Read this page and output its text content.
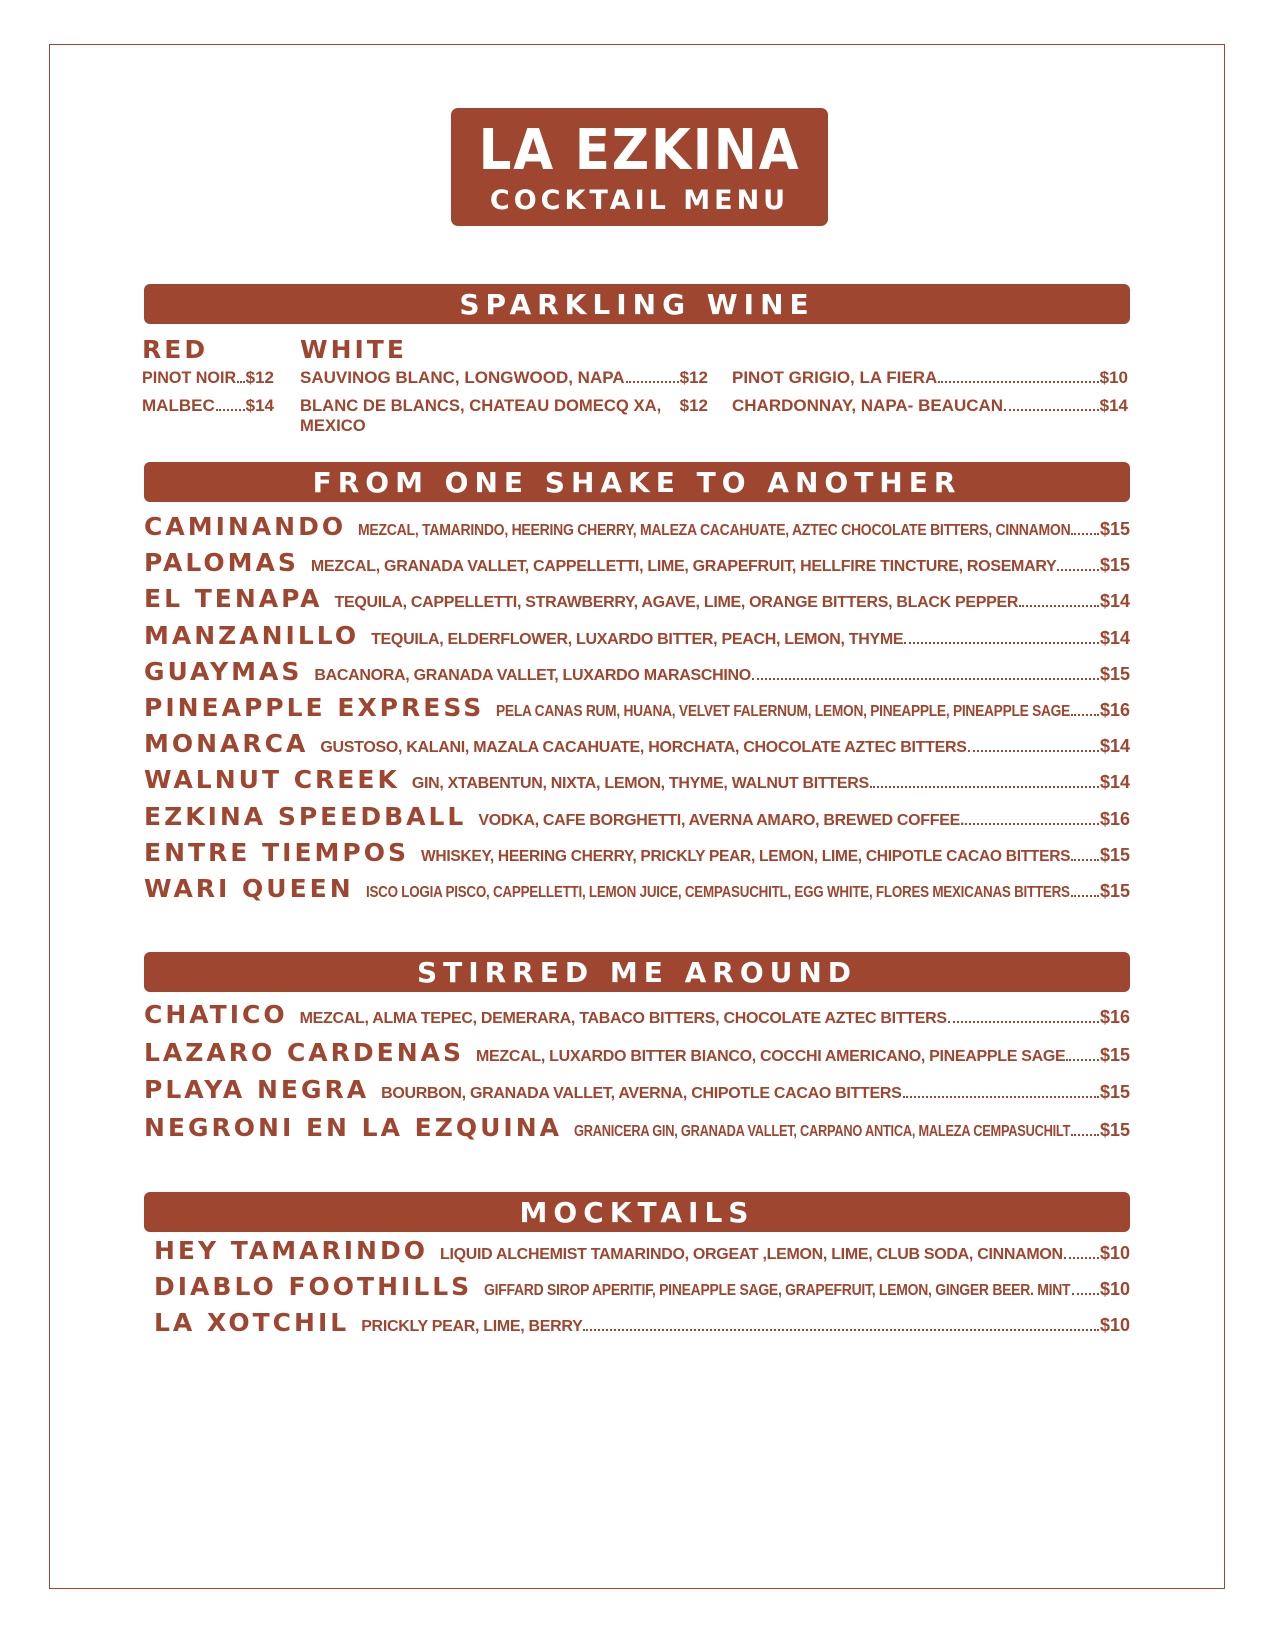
LA EZKINA
COCKTAIL MENU
SPARKLING WINE
RED	WHITE
PINOT NOIR $12
MALBEC $14
SAUVINOG BLANC, LONGWOOD, NAPA	$12
BLANC DE BLANCS, CHATEAU DOMECQ XA, MEXICO
$12
PINOT GRIGIO, LA FIERA	$10
CHARDONNAY, NAPA- BEAUCAN	$14
FROM ONE SHAKE TO ANOTHER
CAMINANDO MEZCAL, TAMARINDO, HEERING CHERRY, MALEZA CACAHUATE, AZTEC CHOCOLATE BITTERS, CINNAMON $15
PALOMAS MEZCAL, GRANADA VALLET, CAPPELLETTI, LIME, GRAPEFRUIT, HELLFIRE TINCTURE, ROSEMARY $15
EL TENAPA TEQUILA, CAPPELLETTI, STRAWBERRY, AGAVE, LIME, ORANGE BITTERS, BLACK PEPPER	$14
MANZANILLO TEQUILA, ELDERFLOWER, LUXARDO BITTER, PEACH, LEMON, THYME	$14
GUAYMAS BACANORA, GRANADA VALLET, LUXARDO MARASCHINO	$15
PINEAPPLE EXPRESS PELA CANAS RUM, HUANA, VELVET FALERNUM, LEMON, PINEAPPLE, PINEAPPLE SAGE $16
MONARCA GUSTOSO, KALANI, MAZALA CACAHUATE, HORCHATA, CHOCOLATE AZTEC BITTERS	$14
WALNUT CREEK GIN, XTABENTUN, NIXTA, LEMON, THYME, WALNUT BITTERS	$14
EZKINA SPEEDBALL VODKA, CAFE BORGHETTI, AVERNA AMARO, BREWED COFFEE.	$16
ENTRE TIEMPOS WHISKEY, HEERING CHERRY, PRICKLY PEAR, LEMON, LIME, CHIPOTLE CACAO BITTERS $15
WARI QUEEN ISCO LOGIA PISCO, CAPPELLETTI, LEMON JUICE, CEMPASUCHITL, EGG WHITE, FLORES MEXICANAS BITTERS $15
STIRRED ME AROUND
CHATICO MEZCAL, ALMA TEPEC, DEMERARA, TABACO BITTERS, CHOCOLATE AZTEC BITTERS	$16
LAZARO CARDENAS MEZCAL, LUXARDO BITTER BIANCO, COCCHI AMERICANO, PINEAPPLE SAGE $15
PLAYA NEGRA BOURBON, GRANADA VALLET, AVERNA, CHIPOTLE CACAO BITTERS	$15
NEGRONI EN LA EZQUINA GRANICERA GIN, GRANADA VALLET, CARPANO ANTICA, MALEZA CEMPASUCHILT $15
MOCKTAILS
HEY TAMARINDO LIQUID ALCHEMIST TAMARINDO, ORGEAT ,LEMON, LIME, CLUB SODA, CINNAMON $10
DIABLO FOOTHILLS GIFFARD SIROP APERITIF, PINEAPPLE SAGE, GRAPEFRUIT, LEMON, GINGER BEER. MINT $10
LA XOTCHIL PRICKLY PEAR, LIME, BERRY	$10
